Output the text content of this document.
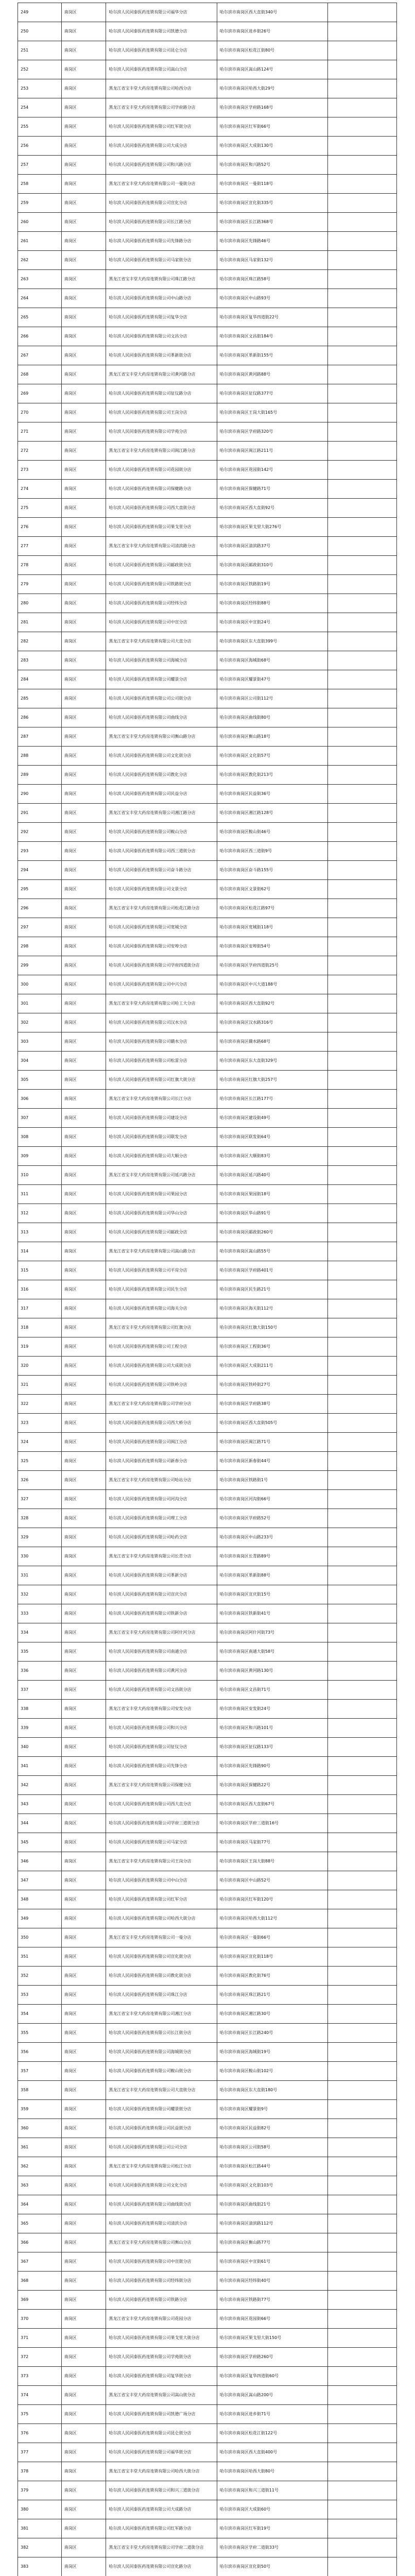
249	南岗区	哈尔滨人民同泰医药连锁有限公司福华分店	哈尔滨市南岗区西大直街340号	
250	南岗区	哈尔滨人民同泰医药连锁有限公司凯德分店	哈尔滨市南岗区进乡街26号	
251	南岗区	哈尔滨人民同泰医药连锁有限公司昆仑分店	哈尔滨市南岗区松花江街80号	
252	南岗区	哈尔滨人民同泰医药连锁有限公司嵩山分店	哈尔滨市南岗区嵩山路124号	
253	南岗区	黑龙江省宝丰堂大药房连锁有限公司哈西分店	哈尔滨市南岗区哈西大街29号	
254	南岗区	黑龙江省宝丰堂大药房连锁有限公司学府路分店	哈尔滨市南岗区学府路168号	
255	南岗区	哈尔滨人民同泰医药连锁有限公司红军街分店	哈尔滨市南岗区红军街66号	
256	南岗区	哈尔滨人民同泰医药连锁有限公司大成分店	哈尔滨市南岗区大成街130号	
257	南岗区	哈尔滨人民同泰医药连锁有限公司和兴路分店	哈尔滨市南岗区和兴路52号	
258	南岗区	黑龙江省宝丰堂大药房连锁有限公司一曼街分店	哈尔滨市南岗区一曼街118号	
259	南岗区	哈尔滨人民同泰医药连锁有限公司宣化分店	哈尔滨市南岗区宣化街335号	
260	南岗区	哈尔滨人民同泰医药连锁有限公司长江路分店	哈尔滨市南岗区长江路368号	
261	南岗区	哈尔滨人民同泰医药连锁有限公司先锋路分店	哈尔滨市南岗区先锋路46号	
262	南岗区	哈尔滨人民同泰医药连锁有限公司马家街分店	哈尔滨市南岗区马家街132号	
263	南岗区	黑龙江省宝丰堂大药房连锁有限公司珠江路分店	哈尔滨市南岗区珠江路58号	
264	南岗区	哈尔滨人民同泰医药连锁有限公司中山路分店	哈尔滨市南岗区中山路93号	
265	南岗区	哈尔滨人民同泰医药连锁有限公司复华分店	哈尔滨市南岗区复华四道街22号	
266	南岗区	哈尔滨人民同泰医药连锁有限公司文昌分店	哈尔滨市南岗区文昌街184号	
267	南岗区	哈尔滨人民同泰医药连锁有限公司革新街分店	哈尔滨市南岗区革新街155号	
268	南岗区	黑龙江省宝丰堂大药房连锁有限公司黄河路分店	哈尔滨市南岗区黄河路88号	
269	南岗区	哈尔滨人民同泰医药连锁有限公司征仪路分店	哈尔滨市南岗区征仪路377号	
270	南岗区	哈尔滨人民同泰医药连锁有限公司王岗分店	哈尔滨市南岗区王岗大街165号	
271	南岗区	哈尔滨人民同泰医药连锁有限公司学苑分店	哈尔滨市南岗区学府路320号	
272	南岗区	黑龙江省宝丰堂大药房连锁有限公司闽江路分店	哈尔滨市南岗区闽江路211号	
273	南岗区	哈尔滨人民同泰医药连锁有限公司花园街分店	哈尔滨市南岗区花园街142号	
274	南岗区	哈尔滨人民同泰医药连锁有限公司保健路分店	哈尔滨市南岗区保健路71号	
275	南岗区	哈尔滨人民同泰医药连锁有限公司西大直街分店	哈尔滨市南岗区西大直街92号	
276	南岗区	哈尔滨人民同泰医药连锁有限公司果戈里分店	哈尔滨市南岗区果戈里大街276号	
277	南岗区	黑龙江省宝丰堂大药房连锁有限公司清滨路分店	哈尔滨市南岗区清滨路37号	
278	南岗区	哈尔滨人民同泰医药连锁有限公司邮政街分店	哈尔滨市南岗区邮政街310号	
279	南岗区	哈尔滨人民同泰医药连锁有限公司铁路街分店	哈尔滨市南岗区铁路街19号	
280	南岗区	哈尔滨人民同泰医药连锁有限公司经纬分店	哈尔滨市南岗区经纬街88号	
281	南岗区	哈尔滨人民同泰医药连锁有限公司中宣分店	哈尔滨市南岗区中宣街24号	
282	南岗区	黑龙江省宝丰堂大药房连锁有限公司大直分店	哈尔滨市南岗区东大直街399号	
283	南岗区	哈尔滨人民同泰医药连锁有限公司海城分店	哈尔滨市南岗区海城街68号	
284	南岗区	哈尔滨人民同泰医药连锁有限公司耀景分店	哈尔滨市南岗区耀景街47号	
285	南岗区	哈尔滨人民同泰医药连锁有限公司公司街分店	哈尔滨市南岗区公司街112号	
286	南岗区	哈尔滨人民同泰医药连锁有限公司曲线分店	哈尔滨市南岗区曲线街80号	
287	南岗区	黑龙江省宝丰堂大药房连锁有限公司衡山路分店	哈尔滨市南岗区衡山路18号	
288	南岗区	哈尔滨人民同泰医药连锁有限公司文化街分店	哈尔滨市南岗区文化街57号	
289	南岗区	哈尔滨人民同泰医药连锁有限公司教化分店	哈尔滨市南岗区教化街213号	
290	南岗区	哈尔滨人民同泰医药连锁有限公司民益分店	哈尔滨市南岗区民益街36号	
291	南岗区	黑龙江省宝丰堂大药房连锁有限公司湘江路分店	哈尔滨市南岗区湘江路128号	
292	南岗区	哈尔滨人民同泰医药连锁有限公司鞍山分店	哈尔滨市南岗区鞍山街46号	
293	南岗区	哈尔滨人民同泰医药连锁有限公司西三道街分店	哈尔滨市南岗区西三道街9号	
294	南岗区	哈尔滨人民同泰医药连锁有限公司奋斗路分店	哈尔滨市南岗区奋斗路155号	
295	南岗区	哈尔滨人民同泰医药连锁有限公司文景分店	哈尔滨市南岗区文景街62号	
296	南岗区	黑龙江省宝丰堂大药房连锁有限公司松花江路分店	哈尔滨市南岗区松花江路97号	
297	南岗区	哈尔滨人民同泰医药连锁有限公司宽城分店	哈尔滨市南岗区宽城街118号	
298	南岗区	哈尔滨人民同泰医药连锁有限公司安埠分店	哈尔滨市南岗区安埠街54号	
299	南岗区	哈尔滨人民同泰医药连锁有限公司学府四道街分店	哈尔滨市南岗区学府四道街25号	
300	南岗区	哈尔滨人民同泰医药连锁有限公司中兴分店	哈尔滨市南岗区中兴大道188号	
301	南岗区	黑龙江省宝丰堂大药房连锁有限公司哈工大分店	哈尔滨市南岗区西大直街92号	
302	南岗区	哈尔滨人民同泰医药连锁有限公司汉水分店	哈尔滨市南岗区汉水路316号	
303	南岗区	哈尔滨人民同泰医药连锁有限公司赣水分店	哈尔滨市南岗区赣水路68号	
304	南岗区	哈尔滨人民同泰医药连锁有限公司松雷分店	哈尔滨市南岗区东大直街329号	
305	南岗区	哈尔滨人民同泰医药连锁有限公司红旗大街分店	哈尔滨市南岗区红旗大街257号	
306	南岗区	黑龙江省宝丰堂大药房连锁有限公司长江分店	哈尔滨市南岗区长江路177号	
307	南岗区	哈尔滨人民同泰医药连锁有限公司建设分店	哈尔滨市南岗区建设街49号	
308	南岗区	哈尔滨人民同泰医药连锁有限公司联发分店	哈尔滨市南岗区联发街64号	
309	南岗区	哈尔滨人民同泰医药连锁有限公司大顺分店	哈尔滨市南岗区大顺街83号	
310	南岗区	黑龙江省宝丰堂大药房连锁有限公司延兴路分店	哈尔滨市南岗区延兴路40号	
311	南岗区	哈尔滨人民同泰医药连锁有限公司果园分店	哈尔滨市南岗区果园街18号	
312	南岗区	哈尔滨人民同泰医药连锁有限公司华山分店	哈尔滨市南岗区华山路91号	
313	南岗区	哈尔滨人民同泰医药连锁有限公司邮政分店	哈尔滨市南岗区邮政街260号	
314	南岗区	黑龙江省宝丰堂大药房连锁有限公司嵩山路分店	哈尔滨市南岗区嵩山路55号	
315	南岗区	哈尔滨人民同泰医药连锁有限公司平房分店	哈尔滨市南岗区学府路401号	
316	南岗区	哈尔滨人民同泰医药连锁有限公司民生分店	哈尔滨市南岗区民生路21号	
317	南岗区	哈尔滨人民同泰医药连锁有限公司海关分店	哈尔滨市南岗区海关街112号	
318	南岗区	黑龙江省宝丰堂大药房连锁有限公司红旗分店	哈尔滨市南岗区红旗大街150号	
319	南岗区	哈尔滨人民同泰医药连锁有限公司工程分店	哈尔滨市南岗区工程街36号	
320	南岗区	哈尔滨人民同泰医药连锁有限公司大成街分店	哈尔滨市南岗区大成街211号	
321	南岗区	哈尔滨人民同泰医药连锁有限公司铁岭分店	哈尔滨市南岗区铁岭街27号	
322	南岗区	黑龙江省宝丰堂大药房连锁有限公司学府分店	哈尔滨市南岗区学府路38号	
323	南岗区	哈尔滨人民同泰医药连锁有限公司西大桥分店	哈尔滨市南岗区西大直街505号	
324	南岗区	哈尔滨人民同泰医药连锁有限公司闽江分店	哈尔滨市南岗区闽江路71号	
325	南岗区	哈尔滨人民同泰医药连锁有限公司新春分店	哈尔滨市南岗区新春街44号	
326	南岗区	黑龙江省宝丰堂大药房连锁有限公司哈站分店	哈尔滨市南岗区铁路街1号	
327	南岗区	哈尔滨人民同泰医药连锁有限公司河沟分店	哈尔滨市南岗区河沟街66号	
328	南岗区	哈尔滨人民同泰医药连锁有限公司理工分店	哈尔滨市南岗区学府路52号	
329	南岗区	哈尔滨人民同泰医药连锁有限公司哈药分店	哈尔滨市南岗区中山路233号	
330	南岗区	黑龙江省宝丰堂大药房连锁有限公司长青分店	哈尔滨市南岗区长青路89号	
331	南岗区	哈尔滨人民同泰医药连锁有限公司革新分店	哈尔滨市南岗区革新街88号	
332	南岗区	哈尔滨人民同泰医药连锁有限公司宣庆分店	哈尔滨市南岗区宣庆街15号	
333	南岗区	哈尔滨人民同泰医药连锁有限公司铁新分店	哈尔滨市南岗区铁新街41号	
334	南岗区	黑龙江省宝丰堂大药房连锁有限公司阿什河分店	哈尔滨市南岗区阿什河街73号	
335	南岗区	哈尔滨人民同泰医药连锁有限公司南通分店	哈尔滨市南岗区南通大街58号	
336	南岗区	哈尔滨人民同泰医药连锁有限公司黄河分店	哈尔滨市南岗区黄河路130号	
337	南岗区	哈尔滨人民同泰医药连锁有限公司文昌街分店	哈尔滨市南岗区文昌街71号	
338	南岗区	黑龙江省宝丰堂大药房连锁有限公司安发分店	哈尔滨市南岗区安发街24号	
339	南岗区	哈尔滨人民同泰医药连锁有限公司和兴分店	哈尔滨市南岗区和兴路101号	
340	南岗区	哈尔滨人民同泰医药连锁有限公司征仪分店	哈尔滨市南岗区征仪路133号	
341	南岗区	哈尔滨人民同泰医药连锁有限公司先锋分店	哈尔滨市南岗区先锋路90号	
342	南岗区	黑龙江省宝丰堂大药房连锁有限公司保健分店	哈尔滨市南岗区保健路22号	
343	南岗区	哈尔滨人民同泰医药连锁有限公司西大直分店	哈尔滨市南岗区西大直街67号	
344	南岗区	哈尔滨人民同泰医药连锁有限公司学府三道街分店	哈尔滨市南岗区学府三道街16号	
345	南岗区	哈尔滨人民同泰医药连锁有限公司马家分店	哈尔滨市南岗区马家街77号	
346	南岗区	黑龙江省宝丰堂大药房连锁有限公司王岗分店	哈尔滨市南岗区王岗大街88号	
347	南岗区	哈尔滨人民同泰医药连锁有限公司中山分店	哈尔滨市南岗区中山路52号	
348	南岗区	哈尔滨人民同泰医药连锁有限公司红军分店	哈尔滨市南岗区红军街120号	
349	南岗区	哈尔滨人民同泰医药连锁有限公司哈西大街分店	哈尔滨市南岗区哈西大街112号	
350	南岗区	黑龙江省宝丰堂大药房连锁有限公司一曼分店	哈尔滨市南岗区一曼街66号	
351	南岗区	哈尔滨人民同泰医药连锁有限公司宣化街分店	哈尔滨市南岗区宣化街118号	
352	南岗区	哈尔滨人民同泰医药连锁有限公司教化街分店	哈尔滨市南岗区教化街76号	
353	南岗区	哈尔滨人民同泰医药连锁有限公司珠江分店	哈尔滨市南岗区珠江路21号	
354	南岗区	黑龙江省宝丰堂大药房连锁有限公司湘江分店	哈尔滨市南岗区湘江路30号	
355	南岗区	哈尔滨人民同泰医药连锁有限公司长江街分店	哈尔滨市南岗区长江路240号	
356	南岗区	哈尔滨人民同泰医药连锁有限公司海城街分店	哈尔滨市南岗区海城街19号	
357	南岗区	哈尔滨人民同泰医药连锁有限公司鞍山街分店	哈尔滨市南岗区鞍山街102号	
358	南岗区	黑龙江省宝丰堂大药房连锁有限公司大直街分店	哈尔滨市南岗区东大直街180号	
359	南岗区	哈尔滨人民同泰医药连锁有限公司耀景街分店	哈尔滨市南岗区耀景街9号	
360	南岗区	哈尔滨人民同泰医药连锁有限公司民益街分店	哈尔滨市南岗区民益街82号	
361	南岗区	哈尔滨人民同泰医药连锁有限公司公司分店	哈尔滨市南岗区公司街58号	
362	南岗区	黑龙江省宝丰堂大药房连锁有限公司松江分店	哈尔滨市南岗区松江路44号	
363	南岗区	哈尔滨人民同泰医药连锁有限公司文化分店	哈尔滨市南岗区文化街103号	
364	南岗区	哈尔滨人民同泰医药连锁有限公司曲线街分店	哈尔滨市南岗区曲线街21号	
365	南岗区	哈尔滨人民同泰医药连锁有限公司清滨分店	哈尔滨市南岗区清滨路112号	
366	南岗区	黑龙江省宝丰堂大药房连锁有限公司衡山分店	哈尔滨市南岗区衡山路77号	
367	南岗区	哈尔滨人民同泰医药连锁有限公司中宣街分店	哈尔滨市南岗区中宣街61号	
368	南岗区	哈尔滨人民同泰医药连锁有限公司经纬街分店	哈尔滨市南岗区经纬街40号	
369	南岗区	哈尔滨人民同泰医药连锁有限公司铁路分店	哈尔滨市南岗区铁路街77号	
370	南岗区	黑龙江省宝丰堂大药房连锁有限公司花园分店	哈尔滨市南岗区花园街66号	
371	南岗区	哈尔滨人民同泰医药连锁有限公司果戈里大街分店	哈尔滨市南岗区果戈里大街150号	
372	南岗区	哈尔滨人民同泰医药连锁有限公司学苑街分店	哈尔滨市南岗区学府路260号	
373	南岗区	哈尔滨人民同泰医药连锁有限公司复华街分店	哈尔滨市南岗区复华四道街60号	
374	南岗区	黑龙江省宝丰堂大药房连锁有限公司嵩山街分店	哈尔滨市南岗区嵩山路200号	
375	南岗区	哈尔滨人民同泰医药连锁有限公司凯德广场分店	哈尔滨市南岗区进乡街71号	
376	南岗区	哈尔滨人民同泰医药连锁有限公司昆仑街分店	哈尔滨市南岗区松花江街122号	
377	南岗区	哈尔滨人民同泰医药连锁有限公司福华街分店	哈尔滨市南岗区西大直街400号	
378	南岗区	黑龙江省宝丰堂大药房连锁有限公司哈西大街分店	哈尔滨市南岗区哈西大街80号	
379	南岗区	哈尔滨人民同泰医药连锁有限公司和兴三道街分店	哈尔滨市南岗区和兴三道街11号	
380	南岗区	哈尔滨人民同泰医药连锁有限公司大成路分店	哈尔滨市南岗区大成街60号	
381	南岗区	哈尔滨人民同泰医药连锁有限公司红军路分店	哈尔滨市南岗区红军街19号	
382	南岗区	黑龙江省宝丰堂大药房连锁有限公司学府二道街分店	哈尔滨市南岗区学府二道街33号	
383	南岗区	哈尔滨人民同泰医药连锁有限公司宣化路分店	哈尔滨市南岗区宣化街50号	
